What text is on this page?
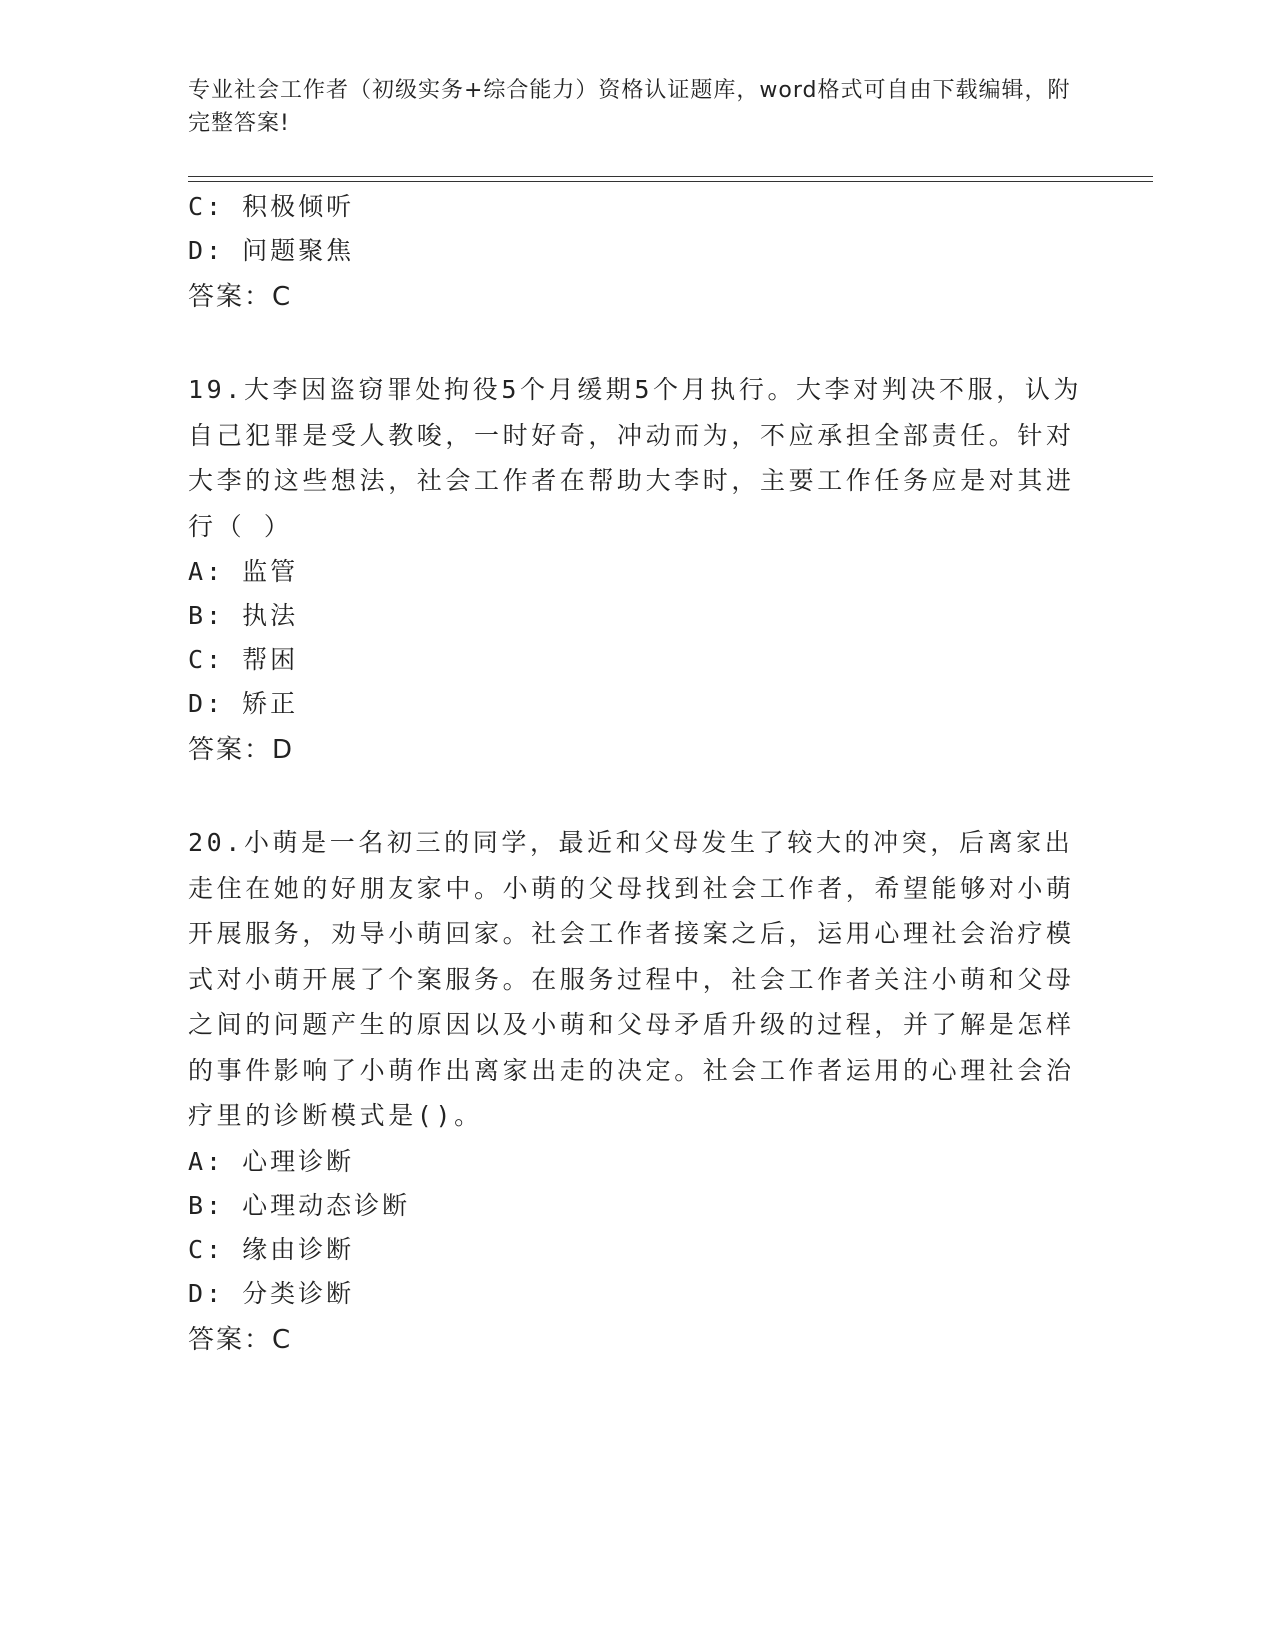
专业社会工作者（初级实务+综合能力）资格认证题库，word格式可自由下载编辑，附完整答案!
C: 积极倾听
D: 问题聚焦
答案：C
19.大李因盗窃罪处拘役5个月缓期5个月执行。大李对判决不服，认为自己犯罪是受人教唆，一时好奇，冲动而为，不应承担全部责任。针对大李的这些想法，社会工作者在帮助大李时，主要工作任务应是对其进行（ ）
A: 监管
B: 执法
C: 帮困
D: 矫正
答案：D
20.小萌是一名初三的同学，最近和父母发生了较大的冲突，后离家出走住在她的好朋友家中。小萌的父母找到社会工作者，希望能够对小萌开展服务，劝导小萌回家。社会工作者接案之后，运用心理社会治疗模式对小萌开展了个案服务。在服务过程中，社会工作者关注小萌和父母之间的问题产生的原因以及小萌和父母矛盾升级的过程，并了解是怎样的事件影响了小萌作出离家出走的决定。社会工作者运用的心理社会治疗里的诊断模式是()。
A: 心理诊断
B: 心理动态诊断
C: 缘由诊断
D: 分类诊断
答案：C
